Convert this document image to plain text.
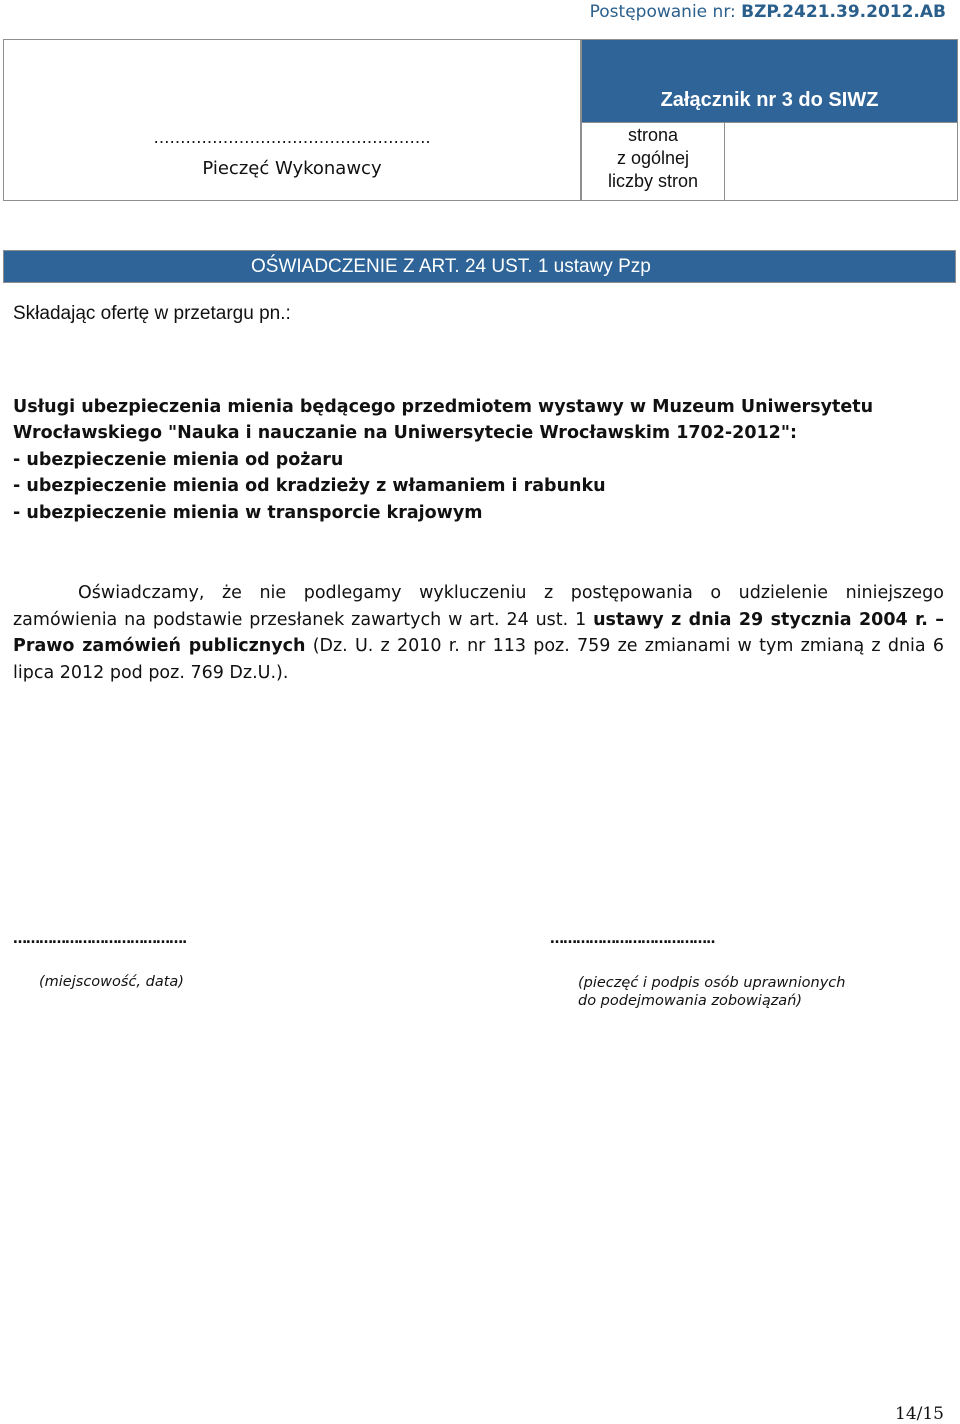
Postępowanie nr: BZP.2421.39.2012.AB
…………………………………………….
Pieczęć Wykonawcy
Załącznik nr 3 do SIWZ
strona
z ogólnej
liczby stron
OŚWIADCZENIE Z ART. 24 UST. 1 ustawy Pzp
Składając ofertę w przetargu pn.:
Usługi ubezpieczenia mienia będącego przedmiotem wystawy w Muzeum Uniwersytetu
Wrocławskiego "Nauka i nauczanie na Uniwersytecie Wrocławskim 1702-2012":
- ubezpieczenie mienia od pożaru
- ubezpieczenie mienia od kradzieży z włamaniem i rabunku
- ubezpieczenie mienia w transporcie krajowym
Oświadczamy, że nie podlegamy wykluczeniu z postępowania o udzielenie niniejszego zamówienia na podstawie przesłanek zawartych w art. 24 ust. 1 ustawy z dnia 29 stycznia 2004 r. – Prawo zamówień publicznych (Dz. U. z 2010 r. nr 113 poz. 759 ze zmianami w tym zmianą z dnia 6 lipca 2012 pod poz. 769 Dz.U.).
………………………………….	………………………………..
(miejscowość, data)	(pieczęć i podpis osób uprawnionych
do podejmowania zobowiązań)
14/15
